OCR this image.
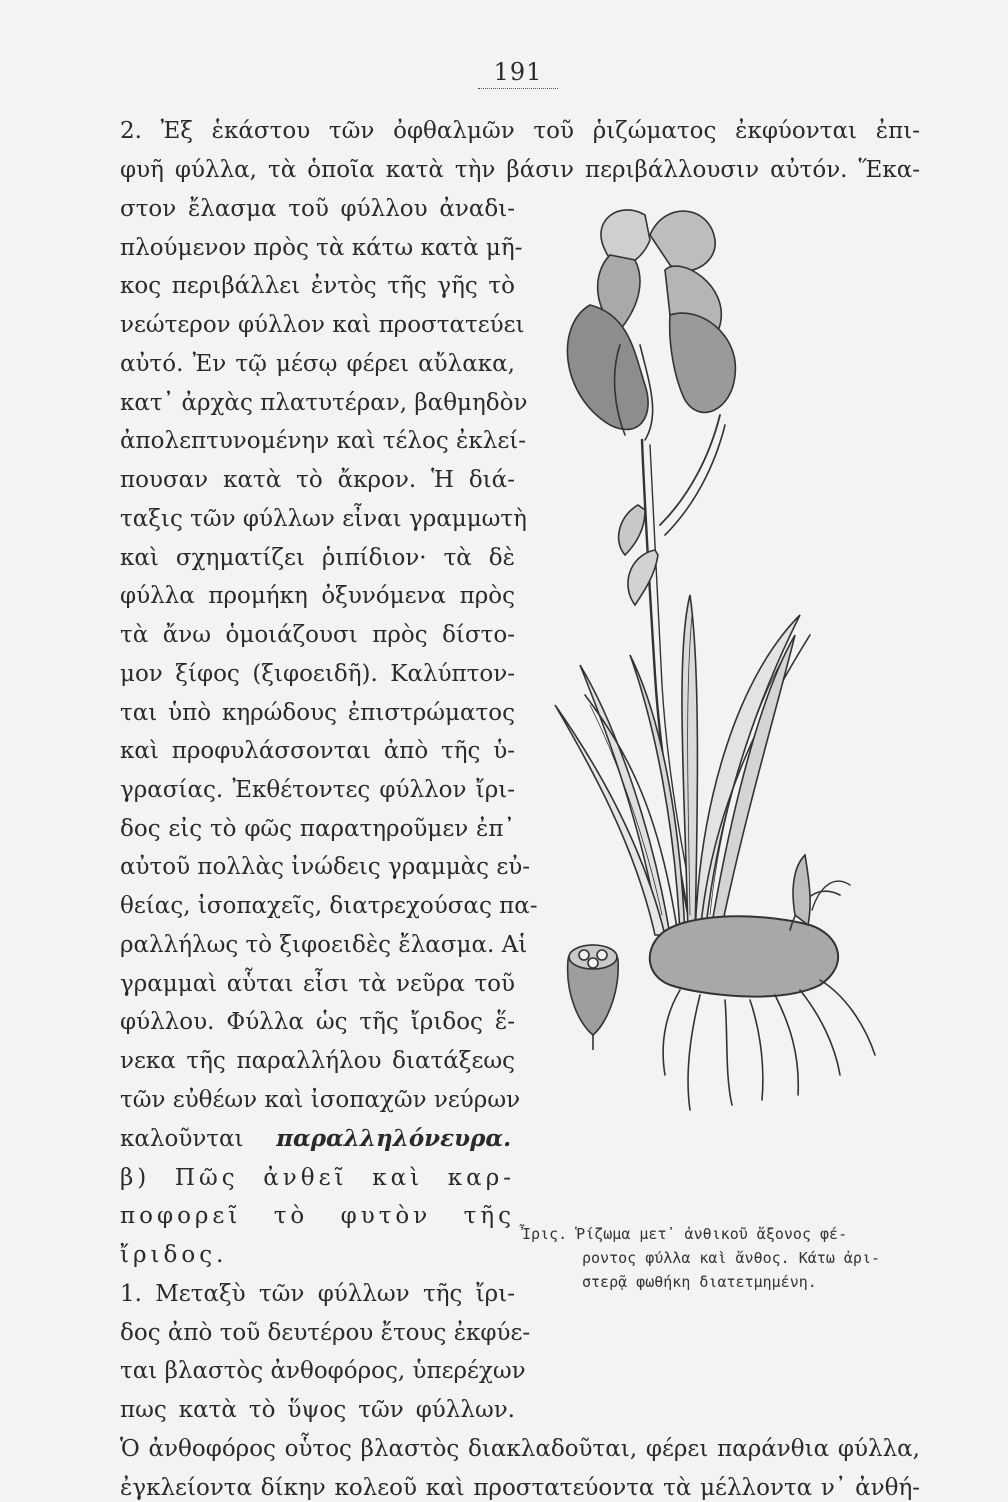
191
2. Ἐξ ἑκάστου τῶν ὀφθαλμῶν τοῦ ῥιζώματος ἐκφύονται ἐπι-
φυῆ φύλλα, τὰ ὁποῖα κατὰ τὴν βάσιν περιβάλλουσιν αὐτόν. Ἕκα-
στον ἔλασμα τοῦ φύλλου ἀναδι-
πλούμενον πρὸς τὰ κάτω κατὰ μῆ-
κος περιβάλλει ἐντὸς τῆς γῆς τὸ
νεώτερον φύλλον καὶ προστατεύει
αὐτό. Ἐν τῷ μέσῳ φέρει αὔλακα,
κατ᾿ ἀρχὰς πλατυτέραν, βαθμηδὸν
ἀπολεπτυνομένην καὶ τέλος ἐκλεί-
πουσαν κατὰ τὸ ἄκρον. Ἡ διά-
ταξις τῶν φύλλων εἶναι γραμμωτὴ
καὶ σχηματίζει ῥιπίδιον· τὰ δὲ
φύλλα προμήκη ὀξυνόμενα πρὸς
τὰ ἄνω ὁμοιάζουσι πρὸς δίστο-
μον ξίφος (ξιφοειδῆ). Καλύπτον-
ται ὑπὸ κηρώδους ἐπιστρώματος
καὶ προφυλάσσονται ἀπὸ τῆς ὑ-
γρασίας. Ἐκθέτοντες φύλλον ἴρι-
δος εἰς τὸ φῶς παρατηροῦμεν ἐπ᾿
αὐτοῦ πολλὰς ἰνώδεις γραμμὰς εὐ-
θείας, ἰσοπαχεῖς, διατρεχούσας πα-
ραλλήλως τὸ ξιφοειδὲς ἔλασμα. Αἱ
γραμμαὶ αὗται εἶσι τὰ νεῦρα τοῦ
φύλλου. Φύλλα ὡς τῆς ἴριδος ἕ-
νεκα τῆς παραλλήλου διατάξεως
τῶν εὐθέων καὶ ἰσοπαχῶν νεύρων
καλοῦνται παραλληλόνευρα.
β) Πῶς ἀνθεῖ καὶ καρ-
ποφορεῖ τὸ φυτὸν τῆς
ἴριδος.
1. Μεταξὺ τῶν φύλλων τῆς ἴρι-
δος ἀπὸ τοῦ δευτέρου ἔτους ἐκφύε-
ται βλαστὸς ἀνθοφόρος, ὑπερέχων
πως κατὰ τὸ ὕψος τῶν φύλλων.
Ὁ ἀνθοφόρος οὗτος βλαστὸς διακλαδοῦται, φέρει παράνθια φύλλα,
ἐγκλείοντα δίκην κολεοῦ καὶ προστατεύοντα τὰ μέλλοντα ν᾿ ἀνθή-
Ἶρις. Ῥίζωμα μετ᾿ ἀνθικοῦ ἄξονος φέ-
ροντος φύλλα καὶ ἄνθος. Κάτω ἀρι-
στερᾷ φωθήκη διατετμημένη.
